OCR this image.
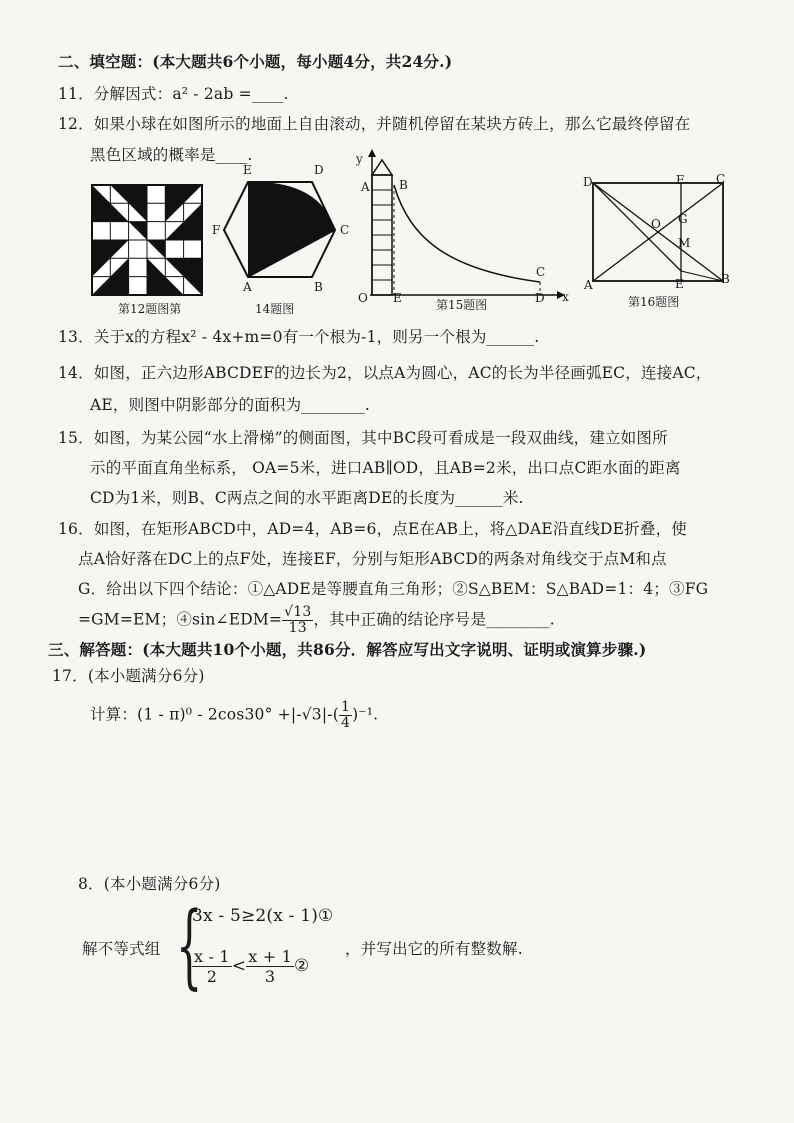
二、填空题：(本大题共6个小题，每小题4分，共24分.)
11．分解因式：a² - 2ab =____.
12．如果小球在如图所示的地面上自由滚动，并随机停留在某块方砖上，那么它最终停留在
黑色区域的概率是____.
第12题图第
E	D
F	C
A	B
14题图
y
A B
O E
C
D x
第15题图
D	F	C
O G
M
A	E	B
第16题图
13．关于x的方程x² - 4x+m=0有一个根为-1，则另一个根为______.
14．如图，正六边形ABCDEF的边长为2，以点A为圆心，AC的长为半径画弧EC，连接AC，
AE，则图中阴影部分的面积为________.
15．如图，为某公园“水上滑梯”的侧面图，其中BC段可看成是一段双曲线，建立如图所
示的平面直角坐标系， OA=5米，进口AB∥OD，且AB=2米，出口点C距水面的距离
CD为1米，则B、C两点之间的水平距离DE的长度为______米.
16．如图，在矩形ABCD中，AD=4，AB=6，点E在AB上，将△DAE沿直线DE折叠，使
点A恰好落在DC上的点F处，连接EF，分别与矩形ABCD的两条对角线交于点M和点
G．给出以下四个结论：①△ADE是等腰直角三角形；②S△BEM：S△BAD=1：4；③FG
=GM=EM；④sin∠EDM= $\frac{√13}{13}$ ，其中正确的结论序号是________.
三、解答题：(本大题共10个小题，共86分．解答应写出文字说明、证明或演算步骤.)
17．(本小题满分6分)
计算：$(1 - \pi)^0 - 2\cos 30^\circ +|-√3|-( \frac{1}{4} )^{-1}$.
8．(本小题满分6分)
解不等式组 {
3x - 5≥2(x - 1)①
$\frac{x - 1}{2} < \frac{x + 1}{3}$ ②
，并写出它的所有整数解.
